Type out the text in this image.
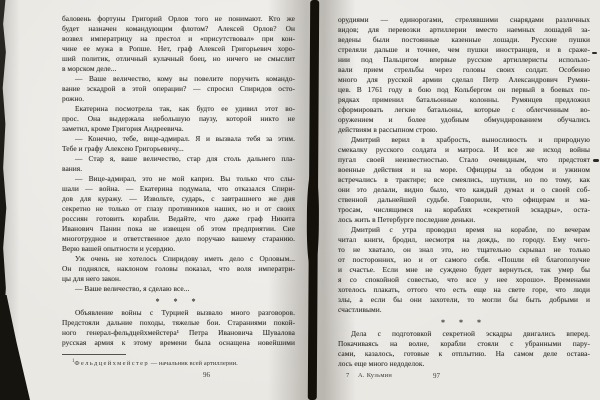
баловень фортуны Григорий Орлов того не понимают. Кто же
будет назначен командующим флотом? Алексей Орлов? Он
возвел императрицу на престол и «присутствовал» при кон-
чине ее мужа в Ропше. Нет, граф Алексей Григорьевич хоро-
ший политик, отличный кулачный боец, но ничего не смыслит
в морском деле...
— Ваше величество, кому вы повелите поручить командо-
вание эскадрой в этой операции? — спросил Спиридов осто-
рожно.
Екатерина посмотрела так, как будто ее удивил этот во-
прос. Она выдержала небольшую паузу, которой никто не
заметил, кроме Григория Андреевича.
— Конечно, тебе, вице-адмирал. Я и вызвала тебя за этим.
Тебе и графу Алексею Григорьевичу...
— Стар я, ваше величество, стар для столь дальнего пла-
вания.
— Вице-адмирал, это не мой каприз. Вы только что слы-
шали — война. — Екатерина подумала, что отказался Спири-
дов для куражу. — Извольте, сударь, с завтрашнего же дня
секретно не только от глазу противников наших, но и от своих
россиян готовить корабли. Ведайте, что даже граф Никита
Иванович Панин пока не извещен об этом предприятии. Сие
многотрудное и ответственное дело поручаю вашему старанию.
Верю вашей опытности и усердию.
Уж очень не хотелось Спиридову иметь дело с Орловым...
Он поднялся, наклоном головы показал, что воля императри-
цы для него закон.
— Ваше величество, я сделаю все...
* * *
Объявление войны с Турцией вызвало много разговоров.
Предстояли дальние походы, тяжелые бои. Стараниями покой-
ного генерал-фельдцейхмейстера¹ Петра Ивановича Шувалова
русская армия к этому времени была оснащена новейшими
$^1$Фельдцейхмейстер — начальник всей артиллерии.
96
орудиями — единорогами, стрелявшими снарядами различных
видов; для перевозки артиллерии вместо наемных лошадей за-
ведены были постоянные казенные лошади. Русские пушки
стреляли дальше и точнее, чем пушки иностранцев, и в сраже-
нии под Пальцигом впервые русские артиллеристы использо-
вали прием стрельбы через головы своих солдат. Особенно
много для русской армии сделал Петр Александрович Румян-
цев. В 1761 году в бою под Кольбергом он первый в боевых по-
рядках применил батальонные колонны. Румянцев предложил
сформировать легкие батальоны, которые с облегченным во-
оружением и более удобным обмундированием обучались
действиям в рассыпном строю.
Дмитрий верил в храбрость, выносливость и природную
смекалку русского солдата и матроса. И все же исход войны
пугал своей неизвестностью. Стало очевидным, что предстоят
военные действия и на море. Офицеры за обедом и ужином
встречались в трактире; все смеялись, шутили, но по тому, как
они это делали, видно было, что каждый думал и о своей соб-
ственной дальнейшей судьбе. Говорили, что офицерам и ма-
тросам, числящимся на кораблях «секретной эскадры», оста-
лось жить в Петербурге последние деньки.
Дмитрий с утра проводил время на корабле, по вечерам
читал книги, бродил, несмотря на дождь, по городу. Ему чего-
то не хватало, он знал это, но тщательно скрывал не только
от посторонних, но и от самого себя. «Пошли ей благополучие
и счастье. Если мне не суждено будет вернуться, так умер бы
я со спокойной совестью, что все у нее хорошо». Временами
хотелось плакать, оттого что есть еще на свете горе, что люди
злы, а если бы они захотели, то могли бы быть добрыми и
счастливыми.
* * *
Дела с подготовкой секретной эскадры двигались вперед.
Покачиваясь на волне, корабли стояли с убранными пару-
сами, казалось, готовые к отплытию. На самом деле остава-
лось еще много недоделок.
7 А. Кузьмин	97
